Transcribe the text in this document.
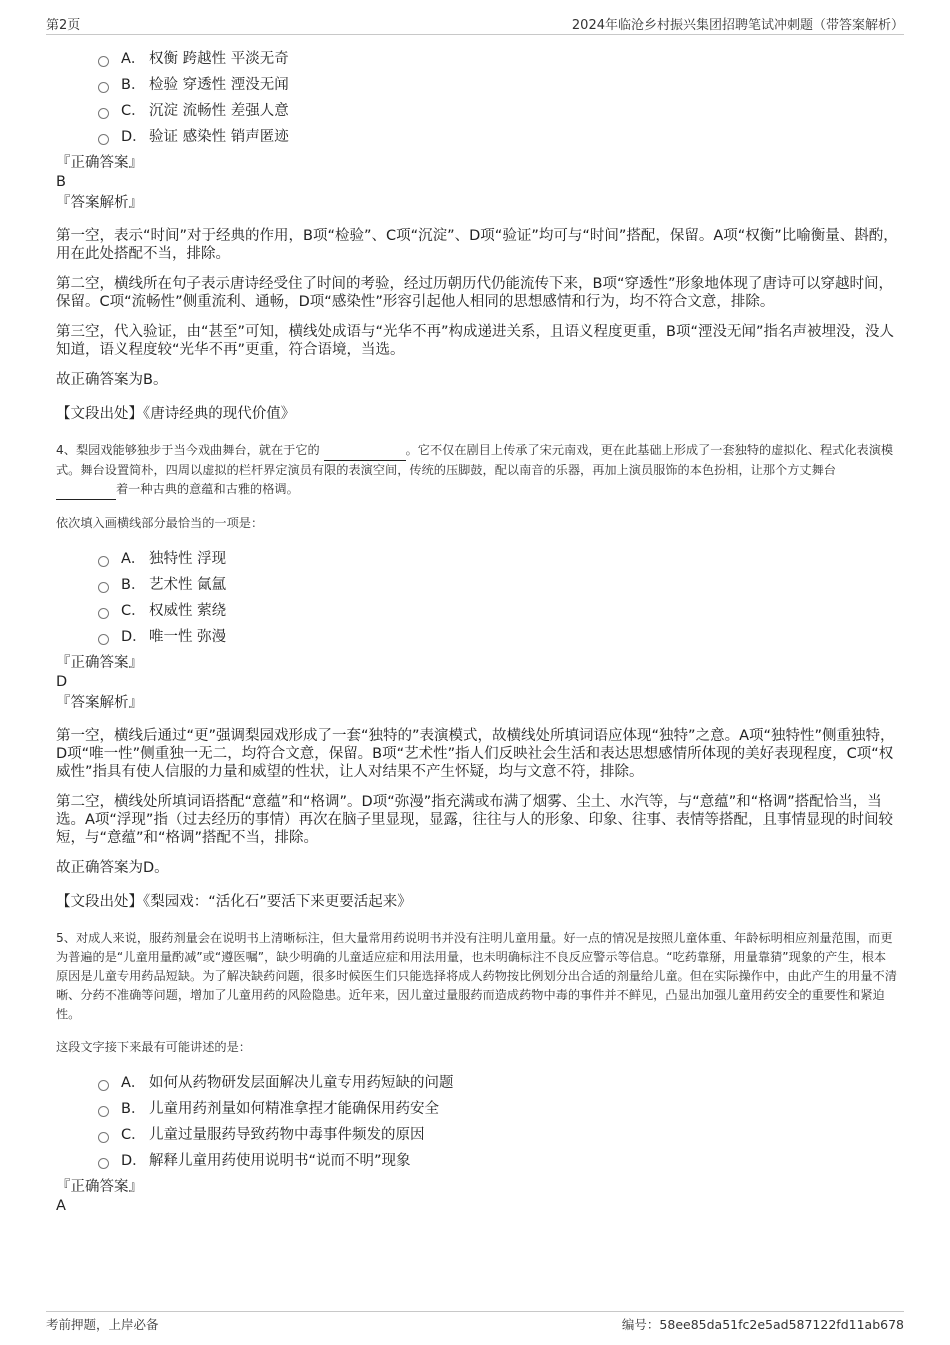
第2页	2024年临沧乡村振兴集团招聘笔试冲刺题（带答案解析）
A． 权衡 跨越性 平淡无奇
B． 检验 穿透性 湮没无闻
C． 沉淀 流畅性 差强人意
D． 验证 感染性 销声匿迹
『正确答案』
B
『答案解析』

第一空，表示“时间”对于经典的作用，B项“检验”、C项“沉淀”、D项“验证”均可与“时间”搭配，保留。A项“权衡”比喻衡量、斟酌，用在此处搭配不当，排除。

第二空，横线所在句子表示唐诗经受住了时间的考验，经过历朝历代仍能流传下来，B项“穿透性”形象地体现了唐诗可以穿越时间，保留。C项“流畅性”侧重流利、通畅，D项“感染性”形容引起他人相同的思想感情和行为，均不符合文意，排除。

第三空，代入验证，由“甚至”可知，横线处成语与“光华不再”构成递进关系，且语义程度更重，B项“湮没无闻”指名声被埋没，没人知道，语义程度较“光华不再”更重，符合语境，当选。

故正确答案为B。

【文段出处】《唐诗经典的现代价值》
4、梨园戏能够独步于当今戏曲舞台，就在于它的	。它不仅在剧目上传承了宋元南戏，更在此基础上形成了一套独特的虚拟化、程式化表演模式。舞台设置简朴，四周以虚拟的栏杆界定演员有限的表演空间，传统的压脚鼓，配以南音的乐器，再加上演员服饰的本色扮相，让那个方丈舞台  着一种古典的意蕴和古雅的格调。
依次填入画横线部分最恰当的一项是：
A． 独特性 浮现
B． 艺术性 氤氲
C． 权威性 萦绕
D． 唯一性 弥漫
『正确答案』
D
『答案解析』

第一空，横线后通过“更”强调梨园戏形成了一套“独特的”表演模式，故横线处所填词语应体现“独特”之意。A项“独特性”侧重独特，D项“唯一性”侧重独一无二，均符合文意，保留。B项“艺术性”指人们反映社会生活和表达思想感情所体现的美好表现程度，C项“权威性”指具有使人信服的力量和威望的性状，让人对结果不产生怀疑，均与文意不符，排除。

第二空，横线处所填词语搭配“意蕴”和“格调”。D项“弥漫”指充满或布满了烟雾、尘土、水汽等，与“意蕴”和“格调”搭配恰当，当选。A项“浮现”指（过去经历的事情）再次在脑子里显现，显露，往往与人的形象、印象、往事、表情等搭配，且事情显现的时间较短，与“意蕴”和“格调”搭配不当，排除。

故正确答案为D。

【文段出处】《梨园戏：“活化石”要活下来更要活起来》
5、对成人来说，服药剂量会在说明书上清晰标注，但大量常用药说明书并没有注明儿童用量。好一点的情况是按照儿童体重、年龄标明相应剂量范围，而更为普遍的是“儿童用量酌减”或“遵医嘱”，缺少明确的儿童适应症和用法用量，也未明确标注不良反应警示等信息。“吃药靠掰，用量靠猜”现象的产生，根本原因是儿童专用药品短缺。为了解决缺药问题，很多时候医生们只能选择将成人药物按比例划分出合适的剂量给儿童。但在实际操作中，由此产生的用量不清晰、分药不准确等问题，增加了儿童用药的风险隐患。近年来，因儿童过量服药而造成药物中毒的事件并不鲜见，凸显出加强儿童用药安全的重要性和紧迫性。
这段文字接下来最有可能讲述的是：
A． 如何从药物研发层面解决儿童专用药短缺的问题
B． 儿童用药剂量如何精准拿捏才能确保用药安全
C． 儿童过量服药导致药物中毒事件频发的原因
D． 解释儿童用药使用说明书“说而不明”现象
『正确答案』
A
考前押题，上岸必备	编号：58ee85da51fc2e5ad587122fd11ab678
